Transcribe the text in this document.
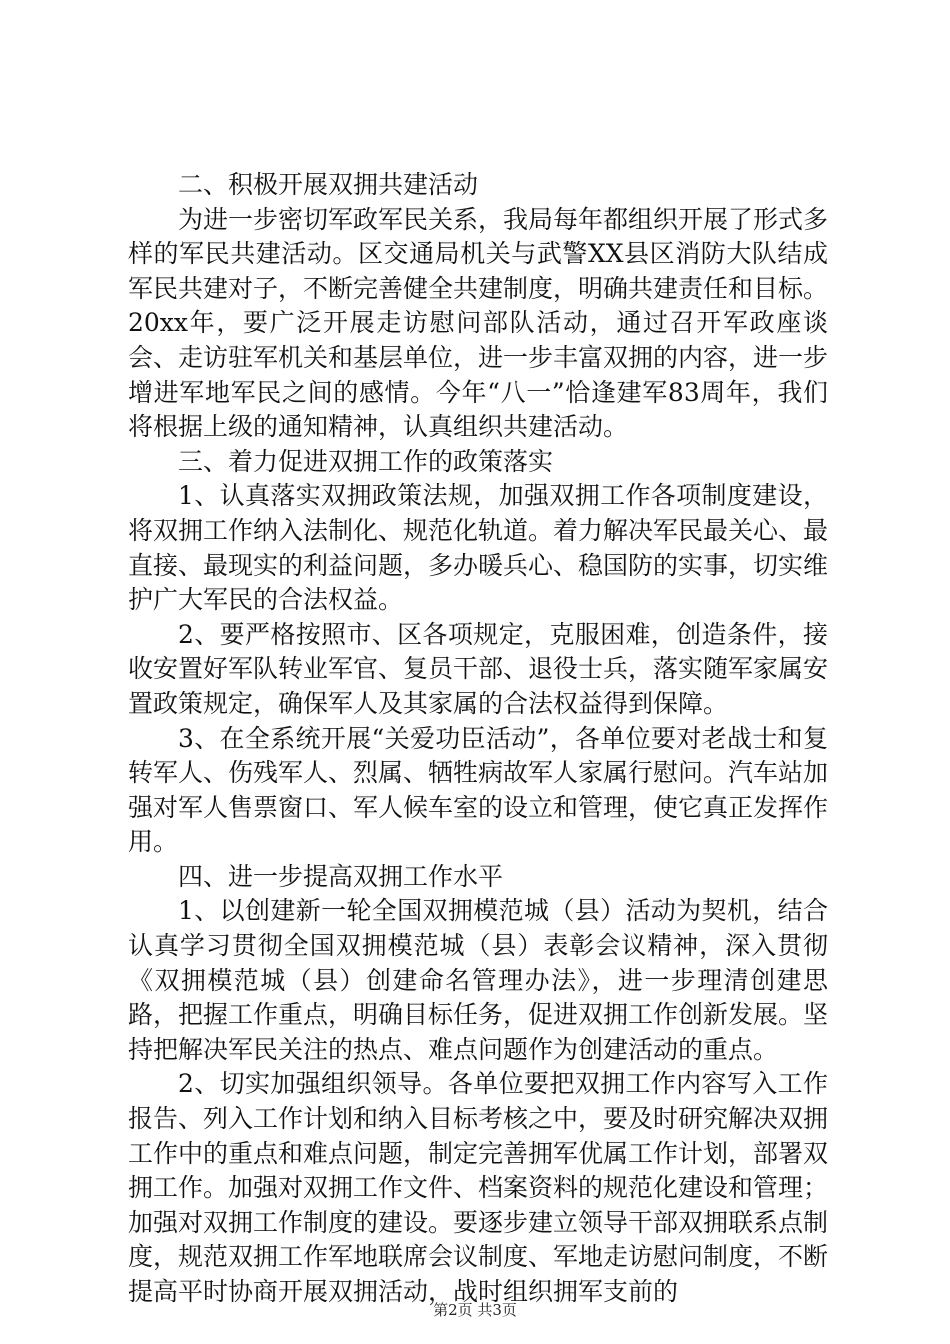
二、积极开展双拥共建活动

为进一步密切军政军民关系，我局每年都组织开展了形式多样的军民共建活动。区交通局机关与武警XX县区消防大队结成军民共建对子，不断完善健全共建制度，明确共建责任和目标。20xx年，要广泛开展走访慰问部队活动，通过召开军政座谈会、走访驻军机关和基层单位，进一步丰富双拥的内容，进一步增进军地军民之间的感情。今年“八一”恰逢建军83周年，我们将根据上级的通知精神，认真组织共建活动。

三、着力促进双拥工作的政策落实

1、认真落实双拥政策法规，加强双拥工作各项制度建设，将双拥工作纳入法制化、规范化轨道。着力解决军民最关心、最直接、最现实的利益问题，多办暖兵心、稳国防的实事，切实维护广大军民的合法权益。

2、要严格按照市、区各项规定，克服困难，创造条件，接收安置好军队转业军官、复员干部、退役士兵，落实随军家属安置政策规定，确保军人及其家属的合法权益得到保障。

3、在全系统开展“关爱功臣活动”，各单位要对老战士和复转军人、伤残军人、烈属、牺牲病故军人家属行慰问。汽车站加强对军人售票窗口、军人候车室的设立和管理，使它真正发挥作用。

四、进一步提高双拥工作水平

1、以创建新一轮全国双拥模范城（县）活动为契机，结合认真学习贯彻全国双拥模范城（县）表彰会议精神，深入贯彻《双拥模范城（县）创建命名管理办法》，进一步理清创建思路，把握工作重点，明确目标任务，促进双拥工作创新发展。坚持把解决军民关注的热点、难点问题作为创建活动的重点。

2、切实加强组织领导。各单位要把双拥工作内容写入工作报告、列入工作计划和纳入目标考核之中，要及时研究解决双拥工作中的重点和难点问题，制定完善拥军优属工作计划，部署双拥工作。加强对双拥工作文件、档案资料的规范化建设和管理；加强对双拥工作制度的建设。要逐步建立领导干部双拥联系点制度，规范双拥工作军地联席会议制度、军地走访慰问制度，不断提高平时协商开展双拥活动，战时组织拥军支前的

第2页 共3页
